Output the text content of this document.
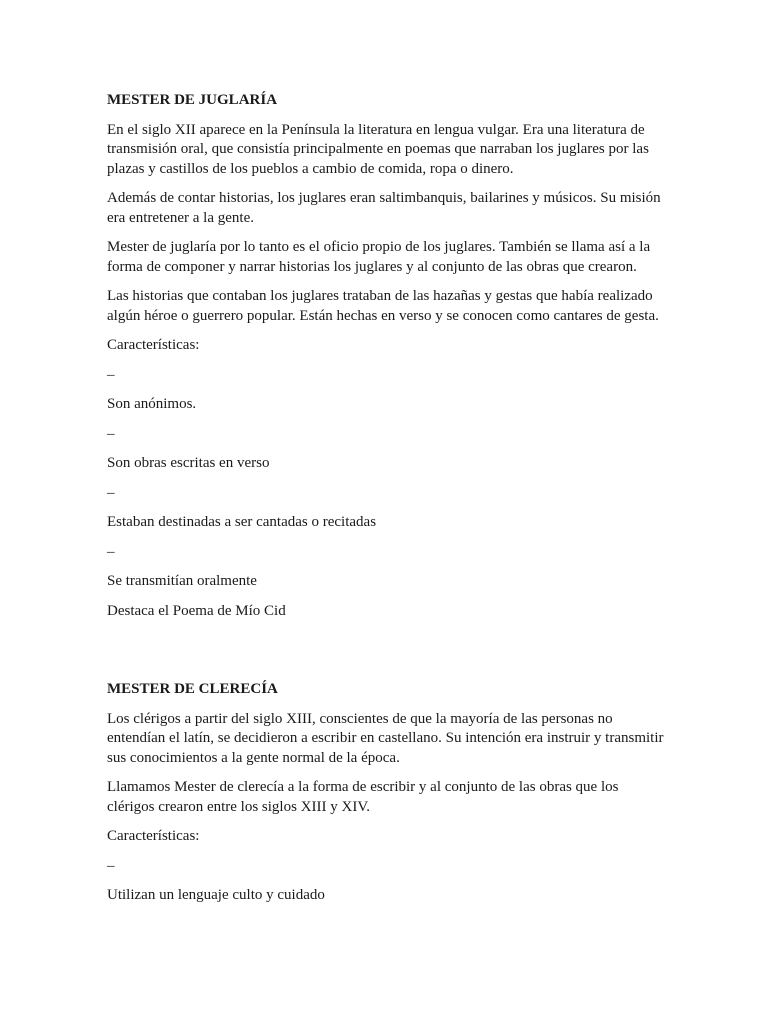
MESTER DE JUGLARÍA
En el siglo XII aparece en la Península la literatura en lengua vulgar. Era una literatura de transmisión oral, que consistía principalmente en poemas que narraban los juglares por las plazas y castillos de los pueblos a cambio de comida, ropa o dinero.
Además de contar historias, los juglares eran saltimbanquis, bailarines y músicos. Su misión era entretener a la gente.
Mester de juglaría por lo tanto es el oficio propio de los juglares. También se llama así a la forma de componer y narrar historias los juglares y al conjunto de las obras que crearon.
Las historias que contaban los juglares trataban de las hazañas y gestas que había realizado algún héroe o guerrero popular. Están hechas en verso y se conocen como cantares de gesta.
Características:
–
Son anónimos.
–
Son obras escritas en verso
–
Estaban destinadas a ser cantadas o recitadas
–
Se transmitían oralmente
Destaca el Poema de Mío Cid
MESTER DE CLERECÍA
Los clérigos a partir del siglo XIII, conscientes de que la mayoría de las personas no entendían el latín, se decidieron a escribir en castellano. Su intención era instruir y transmitir sus conocimientos a la gente normal de la época.
Llamamos Mester de clerecía a la forma de escribir y al conjunto de las obras que los clérigos crearon entre los siglos XIII y XIV.
Características:
–
Utilizan un lenguaje culto y cuidado
